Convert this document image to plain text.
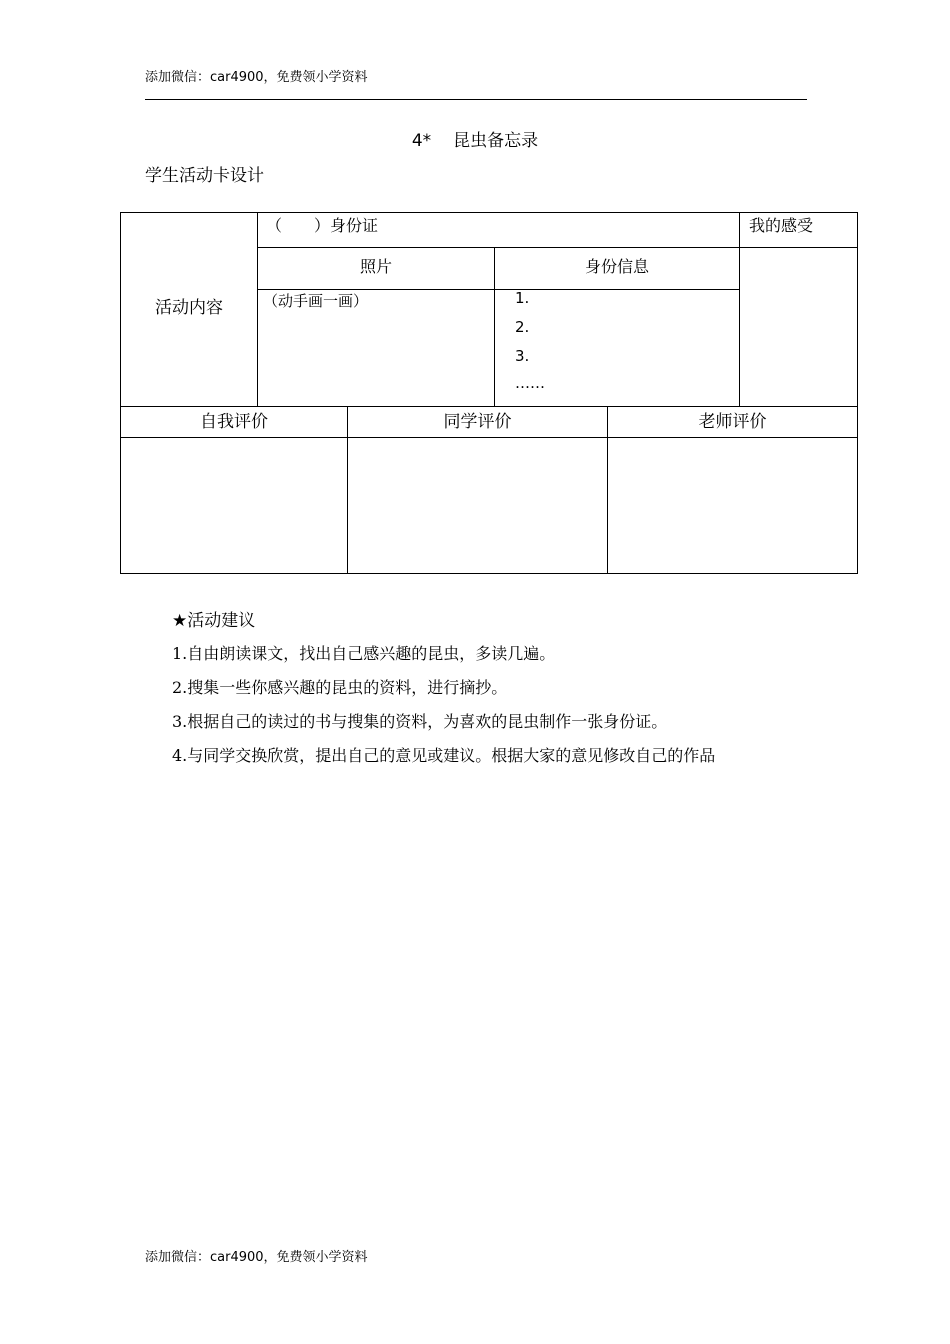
添加微信：car4900，免费领小学资料
4* 昆虫备忘录
学生活动卡设计
活动内容
（　　）身份证	我的感受
照片	身份信息
（动手画一画）	1.
2.
3.
……
自我评价	同学评价	老师评价
★活动建议
1.自由朗读课文，找出自己感兴趣的昆虫，多读几遍。
2.搜集一些你感兴趣的昆虫的资料，进行摘抄。
3.根据自己的读过的书与搜集的资料，为喜欢的昆虫制作一张身份证。
4.与同学交换欣赏，提出自己的意见或建议。根据大家的意见修改自己的作品
添加微信：car4900，免费领小学资料
